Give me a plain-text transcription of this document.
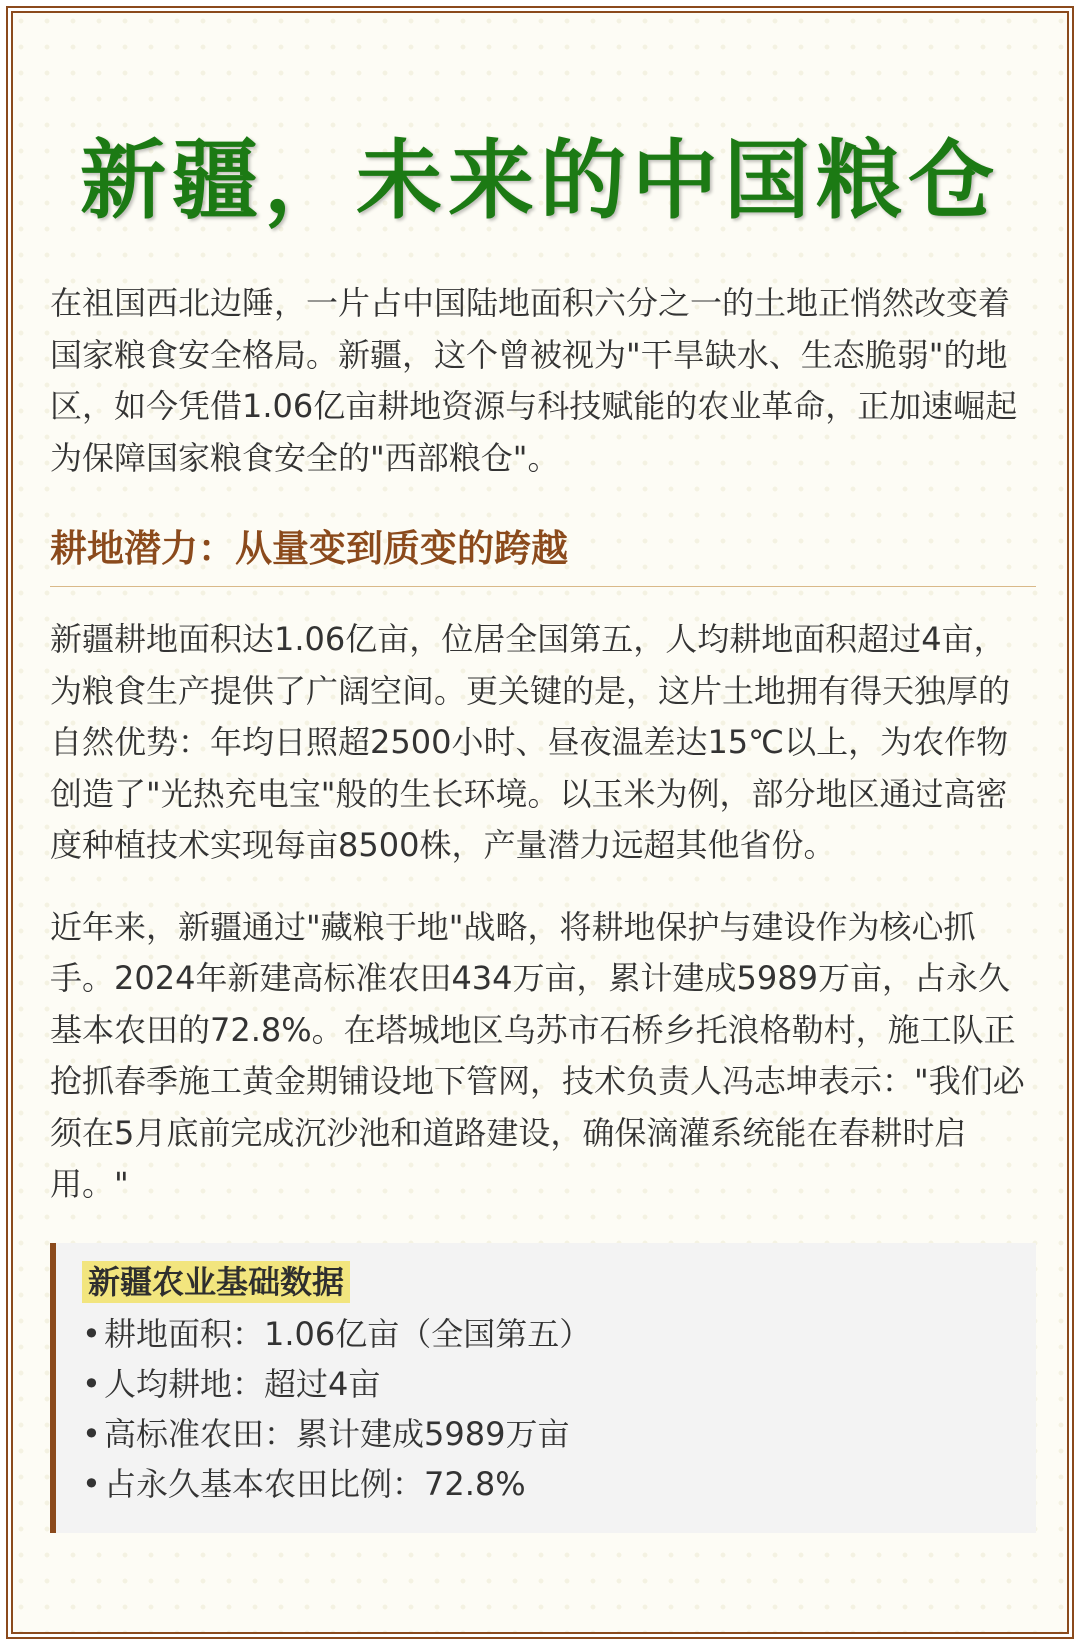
新疆，未来的中国粮仓

在祖国西北边陲，一片占中国陆地面积六分之一的土地正悄然改变着国家粮食安全格局。新疆，这个曾被视为"干旱缺水、生态脆弱"的地区，如今凭借1.06亿亩耕地资源与科技赋能的农业革命，正加速崛起为保障国家粮食安全的"西部粮仓"。

耕地潜力：从量变到质变的跨越

新疆耕地面积达1.06亿亩，位居全国第五，人均耕地面积超过4亩，为粮食生产提供了广阔空间。更关键的是，这片土地拥有得天独厚的自然优势：年均日照超2500小时、昼夜温差达15℃以上，为农作物创造了"光热充电宝"般的生长环境。以玉米为例，部分地区通过高密度种植技术实现每亩8500株，产量潜力远超其他省份。

近年来，新疆通过"藏粮于地"战略，将耕地保护与建设作为核心抓手。2024年新建高标准农田434万亩，累计建成5989万亩，占永久基本农田的72.8%。在塔城地区乌苏市石桥乡托浪格勒村，施工队正抢抓春季施工黄金期铺设地下管网，技术负责人冯志坤表示："我们必须在5月底前完成沉沙池和道路建设，确保滴灌系统能在春耕时启用。"

新疆农业基础数据
•耕地面积：1.06亿亩（全国第五）
•人均耕地：超过4亩
•高标准农田：累计建成5989万亩
•占永久基本农田比例：72.8%
